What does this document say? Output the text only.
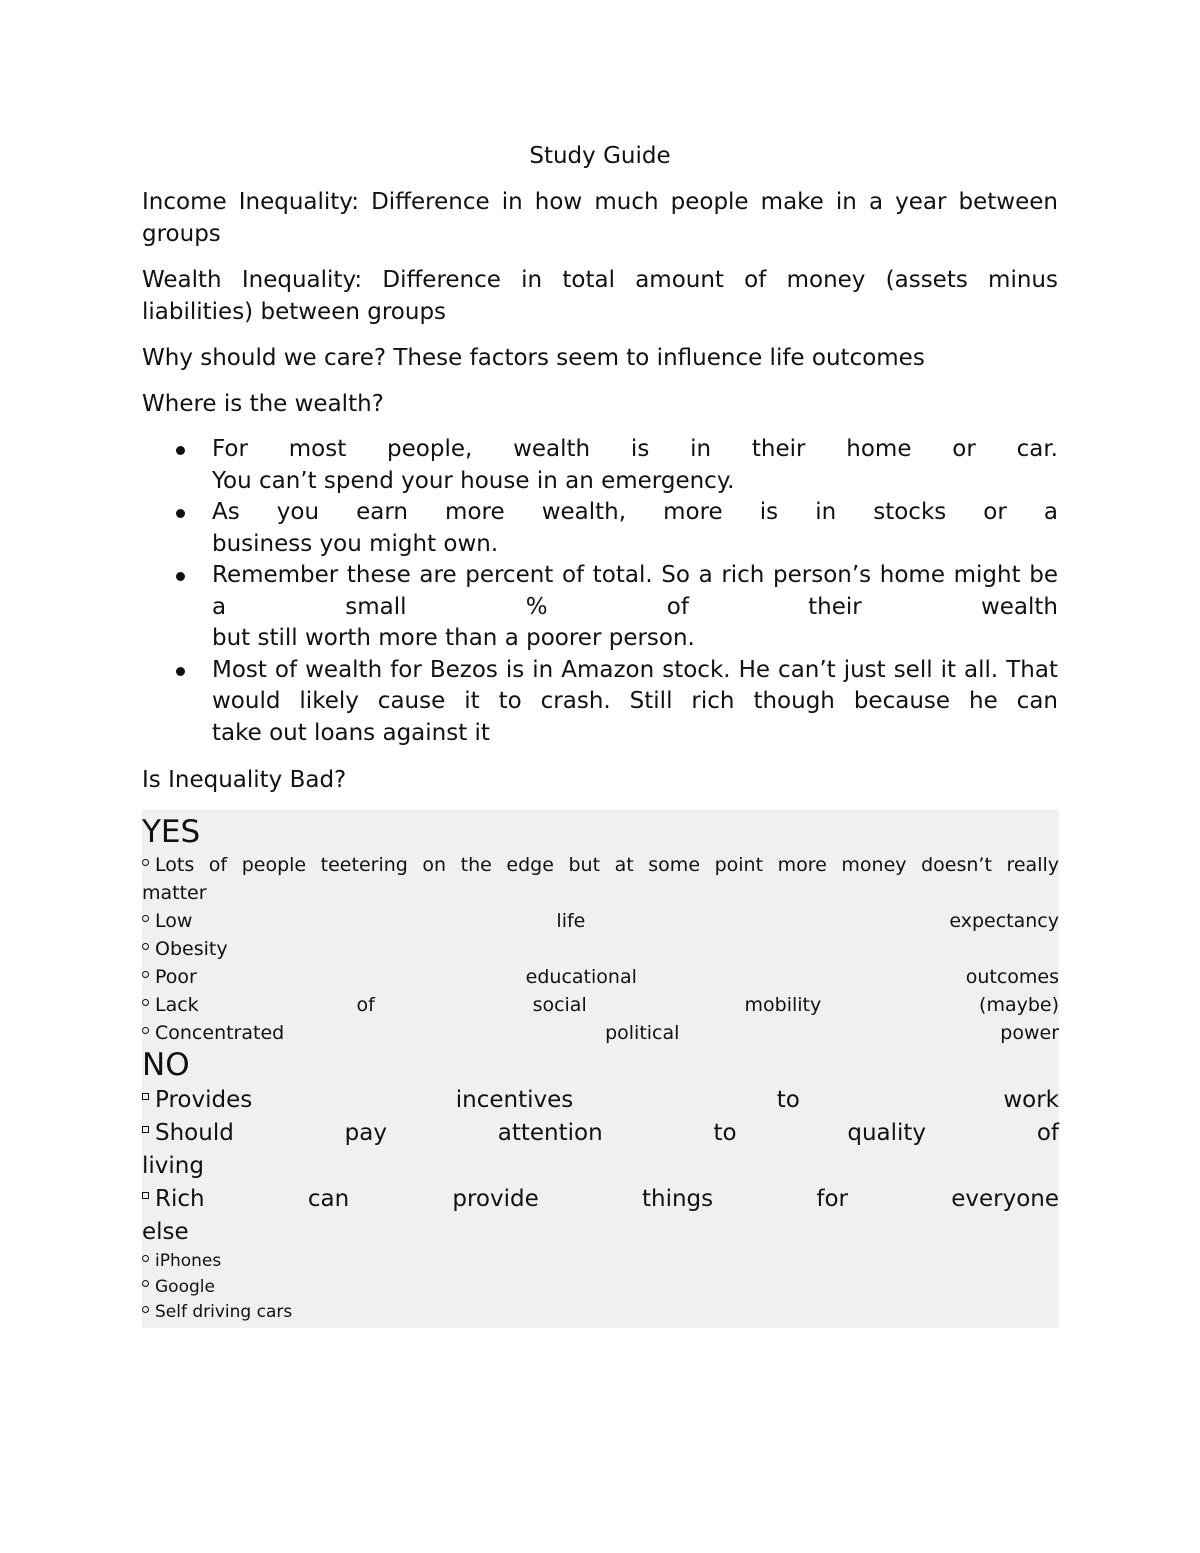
Study Guide
Income Inequality: Difference in how much people make in a year between groups
Wealth Inequality: Difference in total amount of money (assets minus liabilities) between groups
Why should we care? These factors seem to influence life outcomes
Where is the wealth?
For most people, wealth is in their home or car.
You can’t spend your house in an emergency.
As you earn more wealth, more is in stocks or a
business you might own.
Remember these are percent of total. So a rich person’s home might be a small % of their wealth
but still worth more than a poorer person.
Most of wealth for Bezos is in Amazon stock. He can’t just sell it all. That would likely cause it to crash. Still rich though because he can
take out loans against it
Is Inequality Bad?
YES
Lots of people teetering on the edge but at some point more money doesn’t really
matter
Low life expectancy
Obesity
Poor educational outcomes
Lack of social mobility (maybe)
Concentrated political power
NO
Provides incentives to work
Should pay attention to quality of
living
Rich can provide things for everyone
else
iPhones
Google
Self driving cars
